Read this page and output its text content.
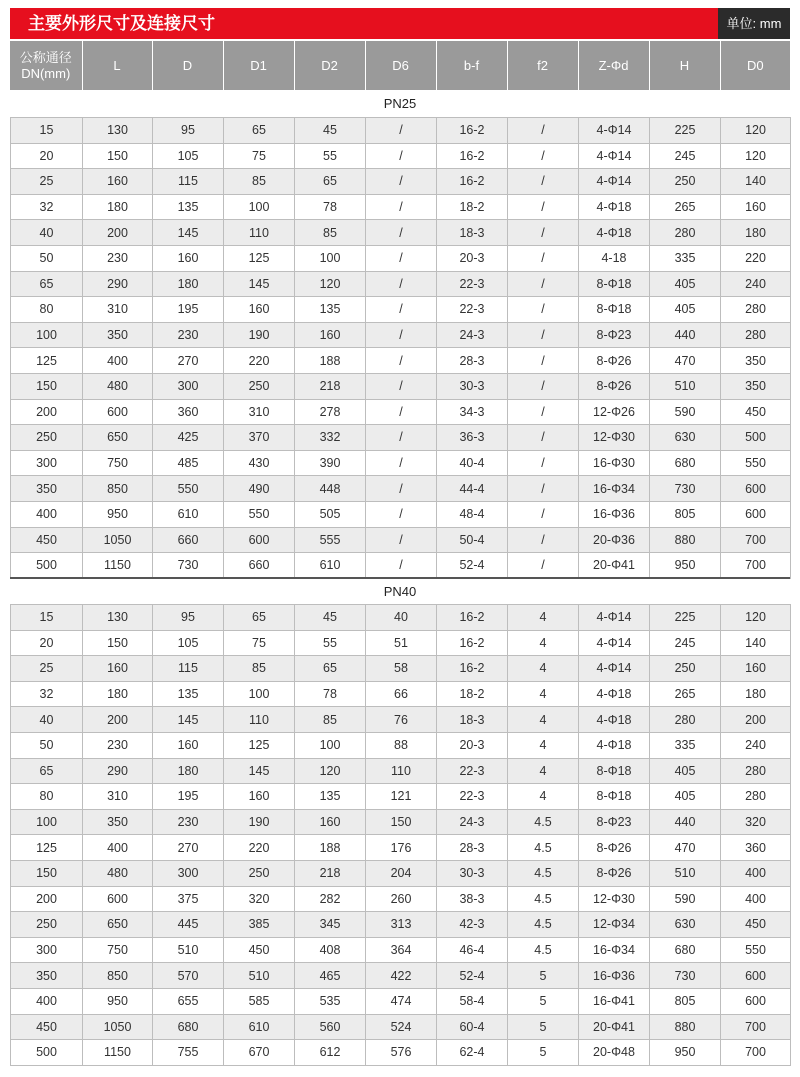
主要外形尺寸及连接尺寸	单位: mm
公称通径 DN(mm)	L	D	D1	D2	D6	b-f	f2	Z-Φd	H	D0
PN25
15	130	95	65	45	/	16-2	/	4-Φ14	225	120
20	150	105	75	55	/	16-2	/	4-Φ14	245	120
25	160	115	85	65	/	16-2	/	4-Φ14	250	140
32	180	135	100	78	/	18-2	/	4-Φ18	265	160
40	200	145	110	85	/	18-3	/	4-Φ18	280	180
50	230	160	125	100	/	20-3	/	4-18	335	220
65	290	180	145	120	/	22-3	/	8-Φ18	405	240
80	310	195	160	135	/	22-3	/	8-Φ18	405	280
100	350	230	190	160	/	24-3	/	8-Φ23	440	280
125	400	270	220	188	/	28-3	/	8-Φ26	470	350
150	480	300	250	218	/	30-3	/	8-Φ26	510	350
200	600	360	310	278	/	34-3	/	12-Φ26	590	450
250	650	425	370	332	/	36-3	/	12-Φ30	630	500
300	750	485	430	390	/	40-4	/	16-Φ30	680	550
350	850	550	490	448	/	44-4	/	16-Φ34	730	600
400	950	610	550	505	/	48-4	/	16-Φ36	805	600
450	1050	660	600	555	/	50-4	/	20-Φ36	880	700
500	1150	730	660	610	/	52-4	/	20-Φ41	950	700
PN40
15	130	95	65	45	40	16-2	4	4-Φ14	225	120
20	150	105	75	55	51	16-2	4	4-Φ14	245	140
25	160	115	85	65	58	16-2	4	4-Φ14	250	160
32	180	135	100	78	66	18-2	4	4-Φ18	265	180
40	200	145	110	85	76	18-3	4	4-Φ18	280	200
50	230	160	125	100	88	20-3	4	4-Φ18	335	240
65	290	180	145	120	110	22-3	4	8-Φ18	405	280
80	310	195	160	135	121	22-3	4	8-Φ18	405	280
100	350	230	190	160	150	24-3	4.5	8-Φ23	440	320
125	400	270	220	188	176	28-3	4.5	8-Φ26	470	360
150	480	300	250	218	204	30-3	4.5	8-Φ26	510	400
200	600	375	320	282	260	38-3	4.5	12-Φ30	590	400
250	650	445	385	345	313	42-3	4.5	12-Φ34	630	450
300	750	510	450	408	364	46-4	4.5	16-Φ34	680	550
350	850	570	510	465	422	52-4	5	16-Φ36	730	600
400	950	655	585	535	474	58-4	5	16-Φ41	805	600
450	1050	680	610	560	524	60-4	5	20-Φ41	880	700
500	1150	755	670	612	576	62-4	5	20-Φ48	950	700
